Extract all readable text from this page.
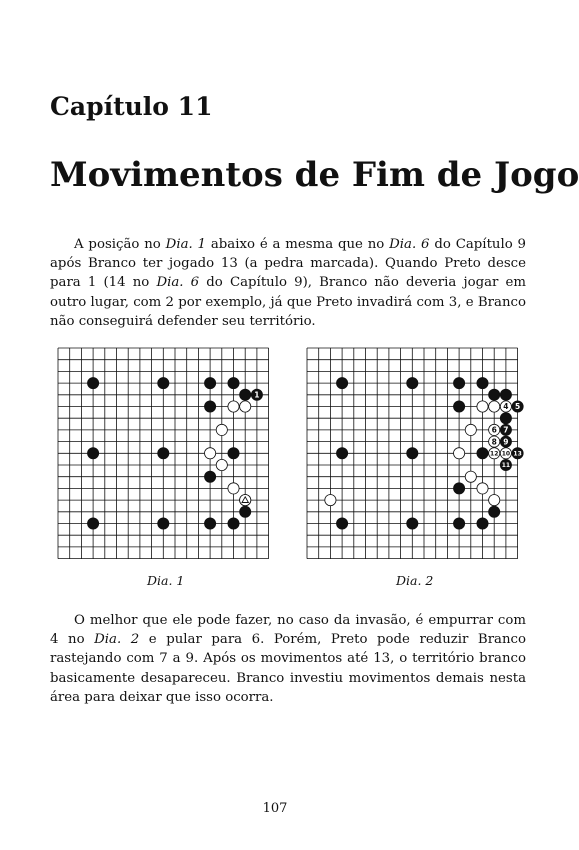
Capítulo 11
Movimentos de Fim de Jogo

A posição no Dia. 1 abaixo é a mesma que no Dia. 6 do Capítulo 9 após Branco ter jogado 13 (a pedra marcada). Quando Preto desce para 1 (14 no Dia. 6 do Capítulo 9), Branco não deveria jogar em outro lugar, com 2 por exemplo, já que Preto invadirá com 3, e Branco não conseguirá defender seu território.

1
4 5
6 7
8 9
10
11
12	13
Dia. 1	Dia. 2

O melhor que ele pode fazer, no caso da invasão, é empurrar com 4 no Dia. 2 e pular para 6. Porém, Preto pode reduzir Branco rastejando com 7 a 9. Após os movimentos até 13, o território branco basicamente desapareceu. Branco investiu movimentos demais nesta área para deixar que isso ocorra.

107
